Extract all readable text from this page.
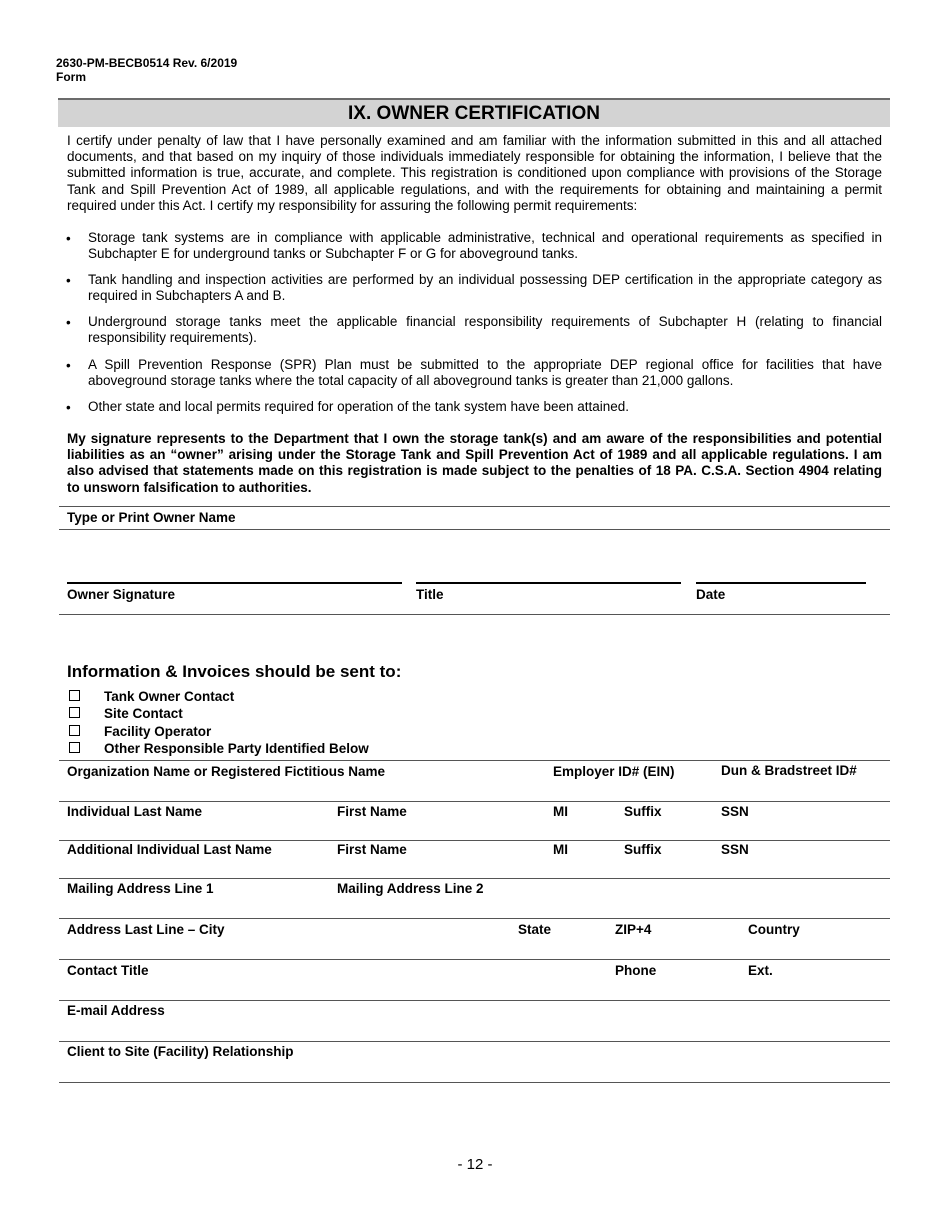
2630-PM-BECB0514 Rev. 6/2019
Form
IX. OWNER CERTIFICATION
I certify under penalty of law that I have personally examined and am familiar with the information submitted in this and all attached documents, and that based on my inquiry of those individuals immediately responsible for obtaining the information, I believe that the submitted information is true, accurate, and complete. This registration is conditioned upon compliance with provisions of the Storage Tank and Spill Prevention Act of 1989, all applicable regulations, and with the requirements for obtaining and maintaining a permit required under this Act. I certify my responsibility for assuring the following permit requirements:
• Storage tank systems are in compliance with applicable administrative, technical and operational requirements as specified in Subchapter E for underground tanks or Subchapter F or G for aboveground tanks.
• Tank handling and inspection activities are performed by an individual possessing DEP certification in the appropriate category as required in Subchapters A and B.
• Underground storage tanks meet the applicable financial responsibility requirements of Subchapter H (relating to financial responsibility requirements).
• A Spill Prevention Response (SPR) Plan must be submitted to the appropriate DEP regional office for facilities that have aboveground storage tanks where the total capacity of all aboveground tanks is greater than 21,000 gallons.
• Other state and local permits required for operation of the tank system have been attained.
My signature represents to the Department that I own the storage tank(s) and am aware of the responsibilities and potential liabilities as an “owner” arising under the Storage Tank and Spill Prevention Act of 1989 and all applicable regulations. I am also advised that statements made on this registration is made subject to the penalties of 18 PA. C.S.A. Section 4904 relating to unsworn falsification to authorities.
Type or Print Owner Name
Owner Signature	Title	Date
Information & Invoices should be sent to:
Tank Owner Contact
Site Contact
Facility Operator
Other Responsible Party Identified Below
Organization Name or Registered Fictitious Name	Employer ID# (EIN)	Dun & Bradstreet ID#
Individual Last Name	First Name	MI	Suffix	SSN
Additional Individual Last Name	First Name	MI	Suffix	SSN
Mailing Address Line 1	Mailing Address Line 2
Address Last Line – City	State	ZIP+4	Country
Contact Title	Phone	Ext.
E-mail Address
Client to Site (Facility) Relationship
- 12 -
